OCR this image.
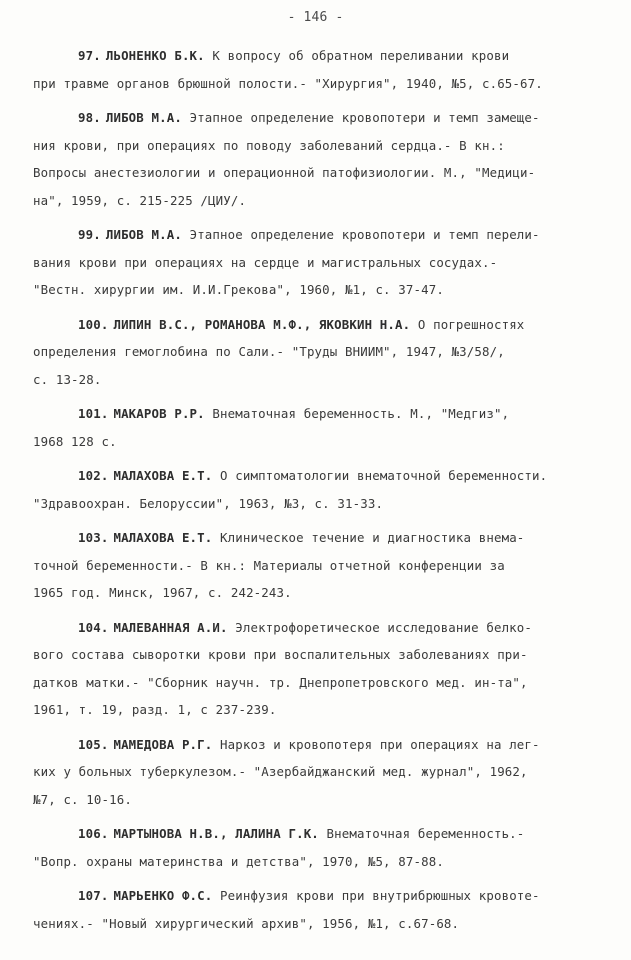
- 146 -
97. ЛЬОНЕНКО Б.К. К вопросу об обратном переливании крови
при травме органов брюшной полости.- "Хирургия", 1940, №5, с.65-67.
98. ЛИБОВ М.А. Этапное определение кровопотери и темп замеще-
ния крови, при операциях по поводу заболеваний сердца.- В кн.:
Вопросы анестезиологии и операционной патофизиологии. М., "Медици-
на", 1959, с. 215-225 /ЦИУ/.
99. ЛИБОВ М.А. Этапное определение кровопотери и темп перели-
вания крови при операциях на сердце и магистральных сосудах.-
"Вестн. хирургии им. И.И.Грекова", 1960, №1, с. 37-47.
100. ЛИПИН В.С., РОМАНОВА М.Ф., ЯКОВКИН Н.А. О погрешностях
определения гемоглобина по Сали.- "Труды ВНИИМ", 1947, №3/58/,
с. 13-28.
101. МАКАРОВ Р.Р. Внематочная беременность. М., "Медгиз",
1968 128 с.
102. МАЛАХОВА Е.Т. О симптоматологии внематочной беременности.
"Здравоохран. Белоруссии", 1963, №3, с. 31-33.
103. МАЛАХОВА Е.Т. Клиническое течение и диагностика внема-
точной беременности.- В кн.: Материалы отчетной конференции за
1965 год. Минск, 1967, с. 242-243.
104. МАЛЕВАННАЯ А.И. Электрофоретическое исследование белко-
вого состава сыворотки крови при воспалительных заболеваниях при-
датков матки.- "Сборник научн. тр. Днепропетровского мед. ин-та",
1961, т. 19, разд. 1, с 237-239.
105. МАМЕДОВА Р.Г. Наркоз и кровопотеря при операциях на лег-
ких у больных туберкулезом.- "Азербайджанский мед. журнал", 1962,
№7, с. 10-16.
106. МАРТЫНОВА Н.В., ЛАЛИНА Г.К. Внематочная беременность.-
"Вопр. охраны материнства и детства", 1970, №5, 87-88.
107. МАРЬЕНКО Ф.С. Реинфузия крови при внутрибрюшных кровоте-
чениях.- "Новый хирургический архив", 1956, №1, с.67-68.
